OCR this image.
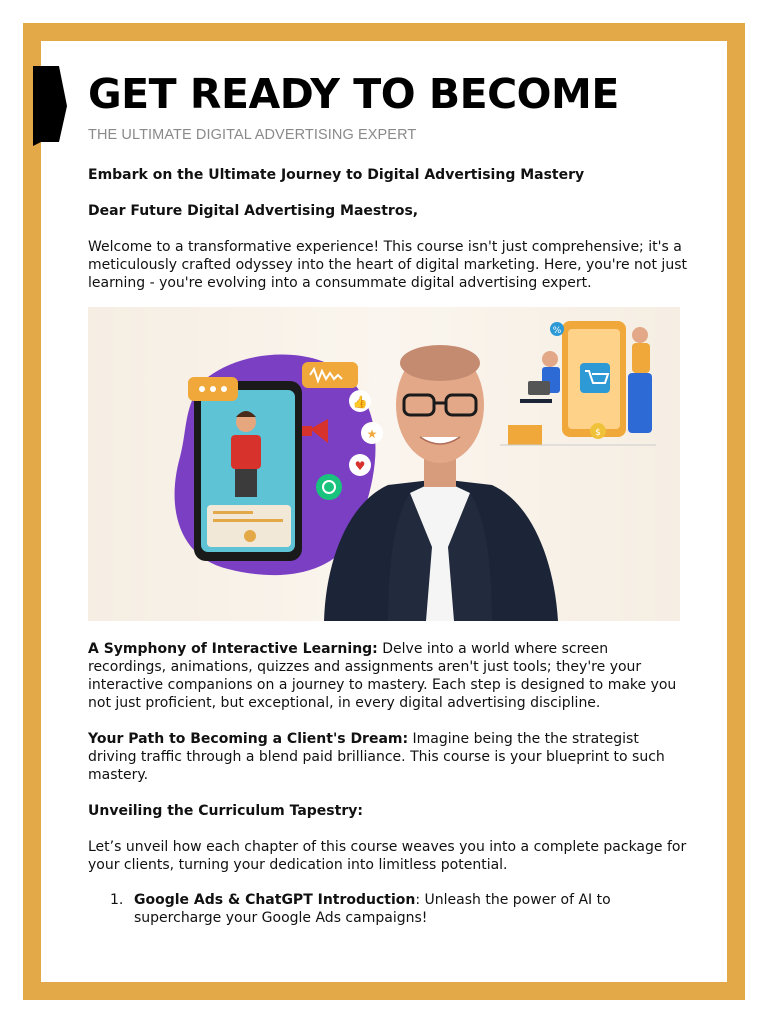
GET READY TO BECOME
THE ULTIMATE DIGITAL ADVERTISING EXPERT

Embark on the Ultimate Journey to Digital Advertising Mastery

Dear Future Digital Advertising Maestros,

Welcome to a transformative experience! This course isn't just comprehensive; it's a meticulously crafted odyssey into the heart of digital marketing. Here, you're not just learning - you're evolving into a consummate digital advertising expert.

👍
★
♥
%
$

A Symphony of Interactive Learning: Delve into a world where screen recordings, animations, quizzes and assignments aren't just tools; they're your interactive companions on a journey to mastery. Each step is designed to make you not just proficient, but exceptional, in every digital advertising discipline.

Your Path to Becoming a Client's Dream: Imagine being the the strategist driving traffic through a blend paid brilliance. This course is your blueprint to such mastery.

Unveiling the Curriculum Tapestry:

Let’s unveil how each chapter of this course weaves you into a complete package for your clients, turning your dedication into limitless potential.

1. Google Ads & ChatGPT Introduction: Unleash the power of AI to supercharge your Google Ads campaigns!
